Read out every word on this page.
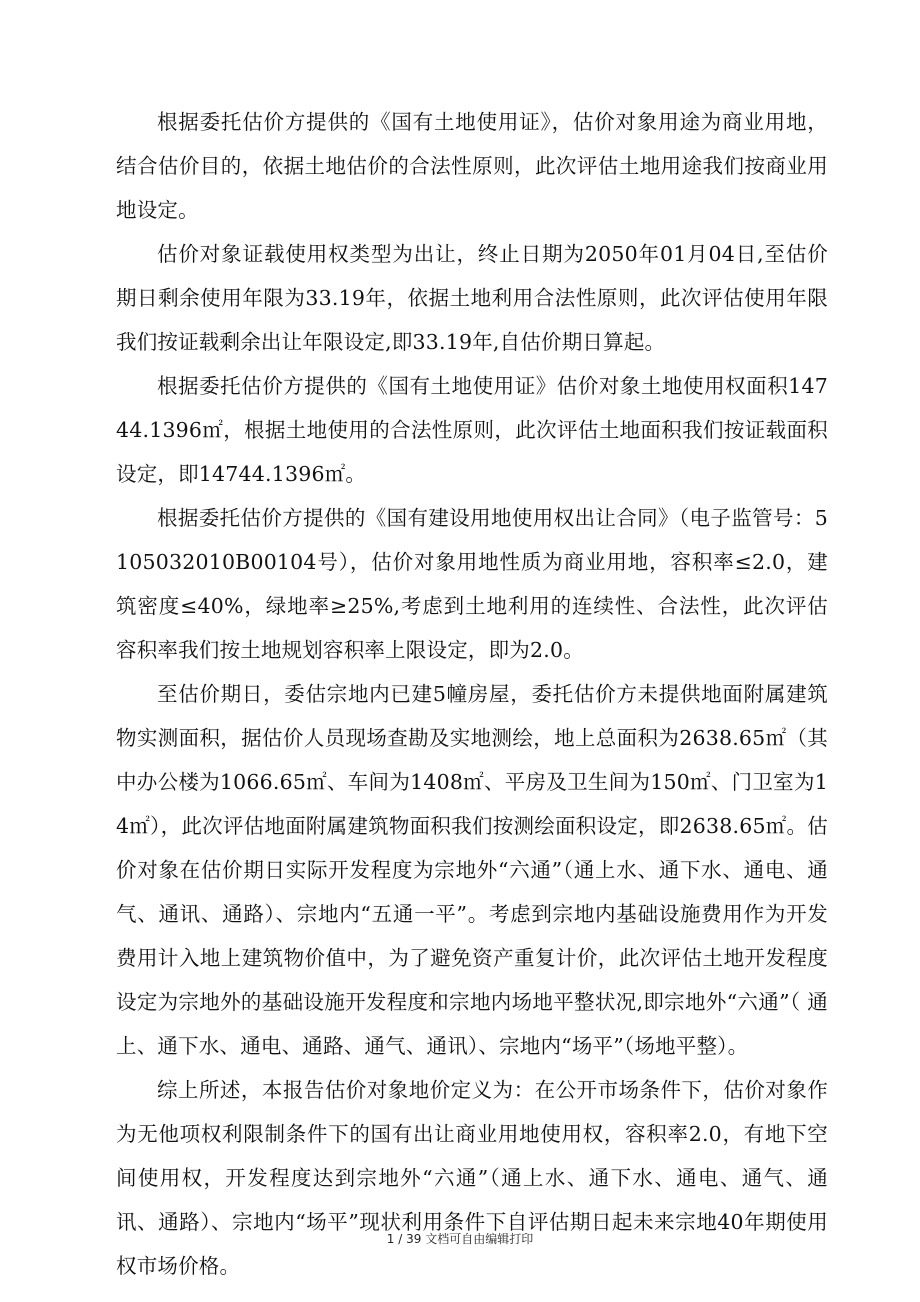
根据委托估价方提供的《国有土地使用证》，估价对象用途为商业用地，结合估价目的，依据土地估价的合法性原则，此次评估土地用途我们按商业用地设定。

估价对象证载使用权类型为出让，终止日期为2050年01月04日,至估价期日剩余使用年限为33.19年，依据土地利用合法性原则，此次评估使用年限我们按证载剩余出让年限设定,即33.19年,自估价期日算起。

根据委托估价方提供的《国有土地使用证》估价对象土地使用权面积14744.1396㎡，根据土地使用的合法性原则，此次评估土地面积我们按证载面积设定，即14744.1396㎡。

根据委托估价方提供的《国有建设用地使用权出让合同》（电子监管号：5105032010B00104号），估价对象用地性质为商业用地，容积率≤2.0，建筑密度≤40%，绿地率≥25%,考虑到土地利用的连续性、合法性，此次评估容积率我们按土地规划容积率上限设定，即为2.0。

至估价期日，委估宗地内已建5幢房屋，委托估价方未提供地面附属建筑物实测面积，据估价人员现场查勘及实地测绘，地上总面积为2638.65㎡（其中办公楼为1066.65㎡、车间为1408㎡、平房及卫生间为150㎡、门卫室为14㎡），此次评估地面附属建筑物面积我们按测绘面积设定，即2638.65㎡。估价对象在估价期日实际开发程度为宗地外“六通”（通上水、通下水、通电、通气、通讯、通路）、宗地内“五通一平”。考虑到宗地内基础设施费用作为开发费用计入地上建筑物价值中，为了避免资产重复计价，此次评估土地开发程度设定为宗地外的基础设施开发程度和宗地内场地平整状况,即宗地外“六通”（ 通上、通下水、通电、通路、通气、通讯）、宗地内“场平”（场地平整）。

综上所述，本报告估价对象地价定义为：在公开市场条件下，估价对象作为无他项权利限制条件下的国有出让商业用地使用权，容积率2.0，有地下空间使用权，开发程度达到宗地外“六通”（通上水、通下水、通电、通气、通讯、通路）、宗地内“场平”现状利用条件下自评估期日起未来宗地40年期使用权市场价格。

1 / 39 文档可自由编辑打印
